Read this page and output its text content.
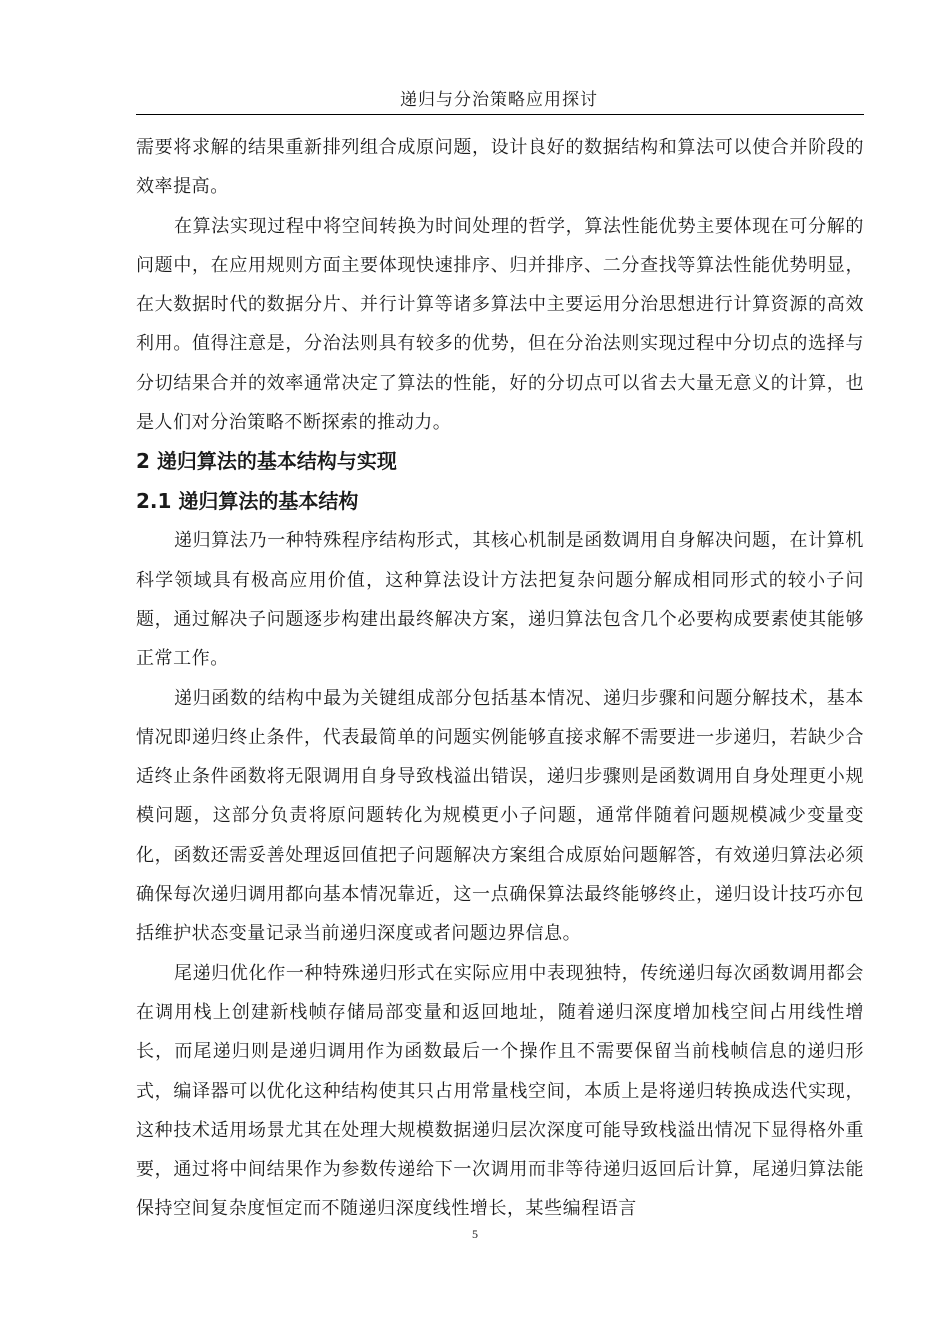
递归与分治策略应用探讨

需要将求解的结果重新排列组合成原问题，设计良好的数据结构和算法可以使合并阶段的效率提高。

在算法实现过程中将空间转换为时间处理的哲学，算法性能优势主要体现在可分解的问题中，在应用规则方面主要体现快速排序、归并排序、二分查找等算法性能优势明显，在大数据时代的数据分片、并行计算等诸多算法中主要运用分治思想进行计算资源的高效利用。值得注意是，分治法则具有较多的优势，但在分治法则实现过程中分切点的选择与分切结果合并的效率通常决定了算法的性能，好的分切点可以省去大量无意义的计算，也是人们对分治策略不断探索的推动力。

2 递归算法的基本结构与实现
2.1 递归算法的基本结构

递归算法乃一种特殊程序结构形式，其核心机制是函数调用自身解决问题，在计算机科学领域具有极高应用价值，这种算法设计方法把复杂问题分解成相同形式的较小子问题，通过解决子问题逐步构建出最终解决方案，递归算法包含几个必要构成要素使其能够正常工作。

递归函数的结构中最为关键组成部分包括基本情况、递归步骤和问题分解技术，基本情况即递归终止条件，代表最简单的问题实例能够直接求解不需要进一步递归，若缺少合适终止条件函数将无限调用自身导致栈溢出错误，递归步骤则是函数调用自身处理更小规模问题，这部分负责将原问题转化为规模更小子问题，通常伴随着问题规模减少变量变化，函数还需妥善处理返回值把子问题解决方案组合成原始问题解答，有效递归算法必须确保每次递归调用都向基本情况靠近，这一点确保算法最终能够终止，递归设计技巧亦包括维护状态变量记录当前递归深度或者问题边界信息。

尾递归优化作一种特殊递归形式在实际应用中表现独特，传统递归每次函数调用都会在调用栈上创建新栈帧存储局部变量和返回地址，随着递归深度增加栈空间占用线性增长，而尾递归则是递归调用作为函数最后一个操作且不需要保留当前栈帧信息的递归形式，编译器可以优化这种结构使其只占用常量栈空间，本质上是将递归转换成迭代实现，这种技术适用场景尤其在处理大规模数据递归层次深度可能导致栈溢出情况下显得格外重要，通过将中间结果作为参数传递给下一次调用而非等待递归返回后计算，尾递归算法能保持空间复杂度恒定而不随递归深度线性增长，某些编程语言

5
